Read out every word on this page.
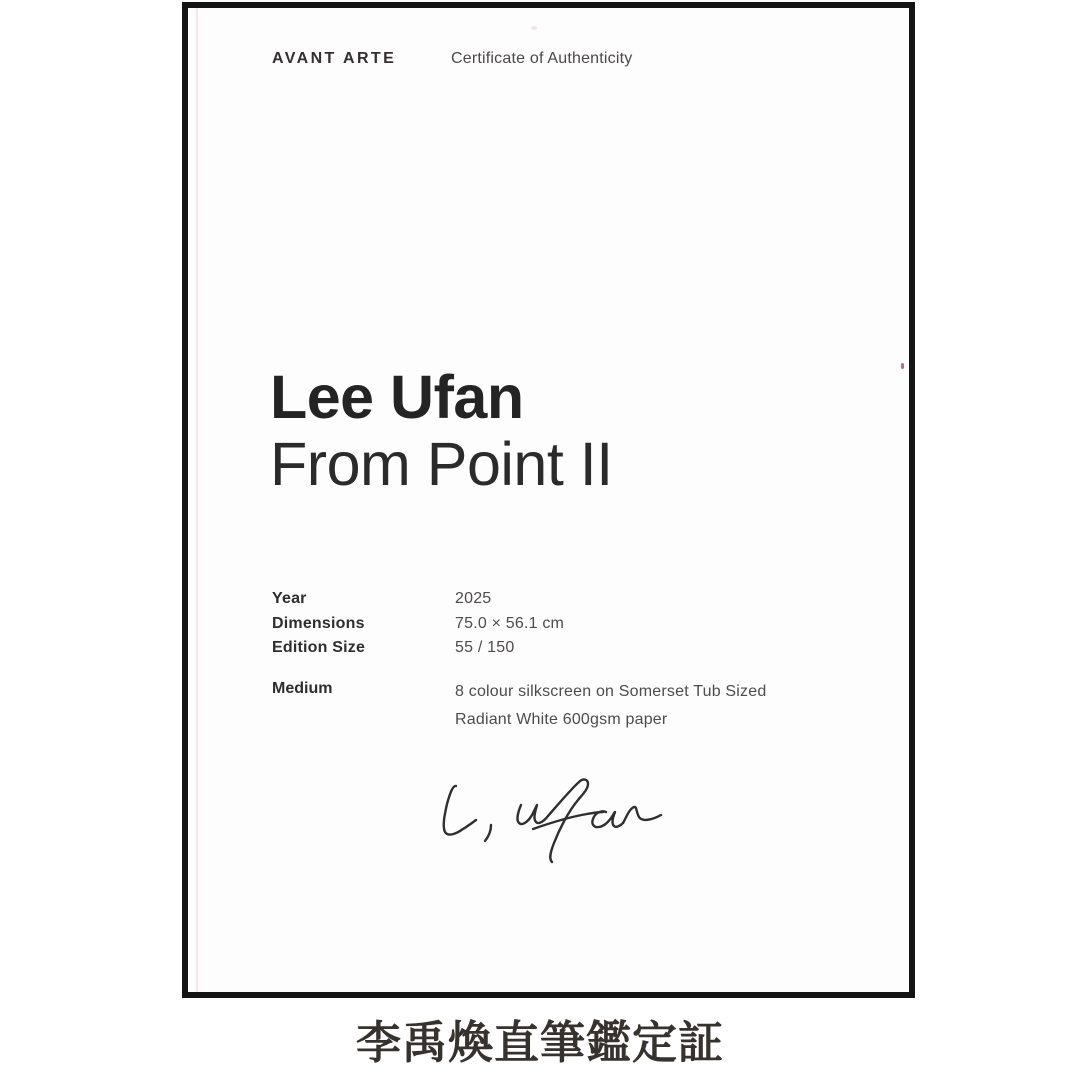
AVANT ARTE	Certificate of Authenticity
Lee Ufan
From Point II
Year	2025
Dimensions	75.0 × 56.1 cm
Edition Size	55 / 150
Medium	8 colour silkscreen on Somerset Tub Sized
Radiant White 600gsm paper
李禹煥直筆鑑定証
